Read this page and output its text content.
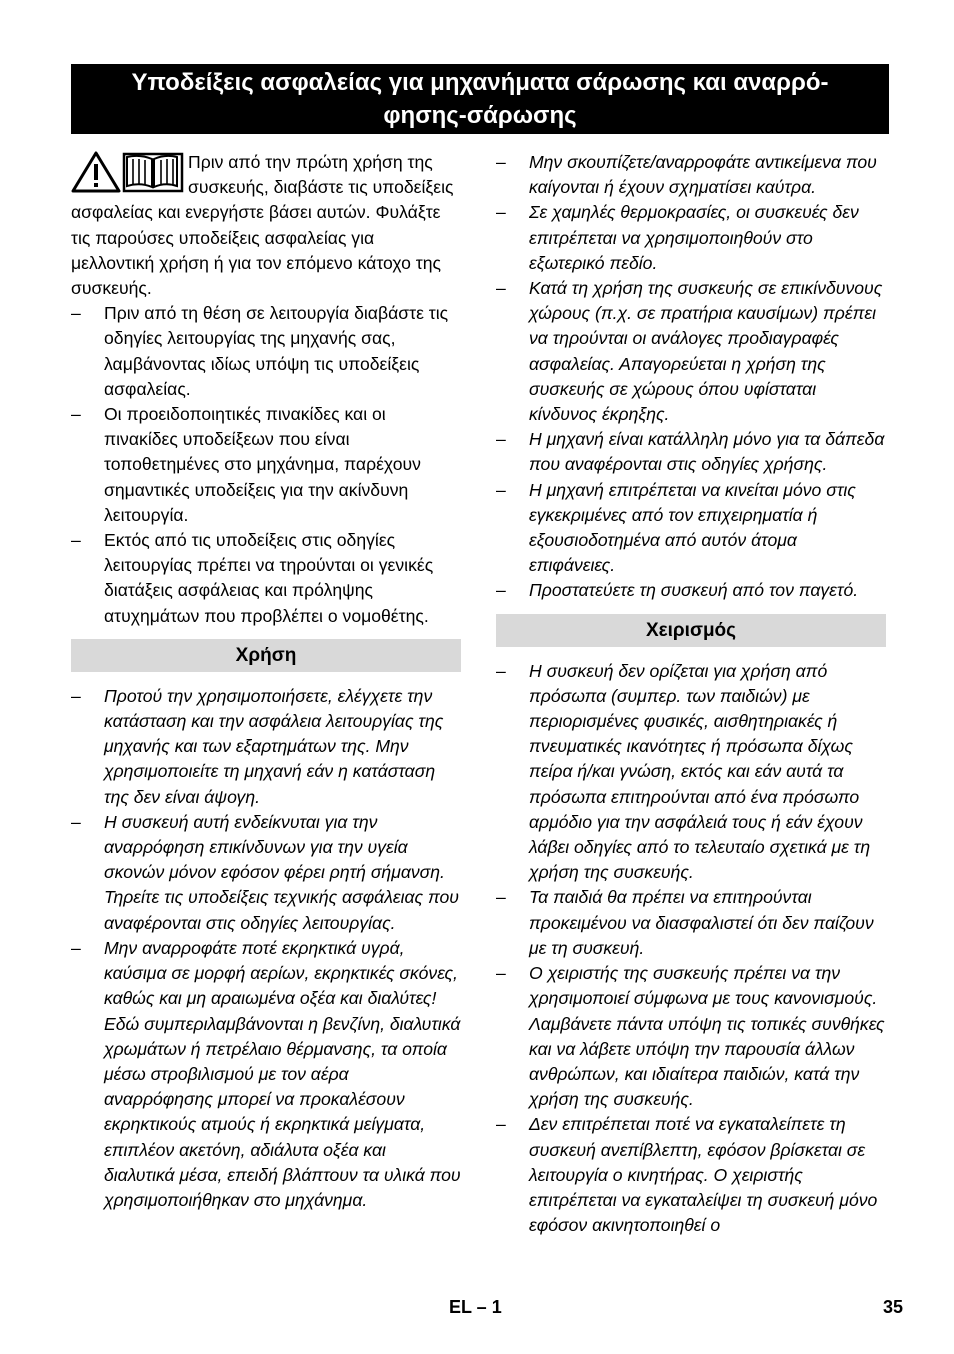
Υποδείξεις ασφαλείας για μηχανήματα σάρωσης και αναρρό-
φησης-σάρωσης
Πριν από την πρώτη χρήση της συσκευής, διαβάστε τις υποδείξεις ασφαλείας και ενεργήστε βάσει αυτών. Φυλάξτε τις παρούσες υποδείξεις ασφαλείας για μελλοντική χρήση ή για τον επόμενο κάτοχο της συσκευής.
–	Πριν από τη θέση σε λειτουργία διαβάστε τις οδηγίες λειτουργίας της μηχανής σας, λαμβάνοντας ιδίως υπόψη τις υποδείξεις ασφαλείας.
–	Οι προειδοποιητικές πινακίδες και οι πινακίδες υποδείξεων που είναι τοποθετημένες στο μηχάνημα, παρέχουν σημαντικές υποδείξεις για την ακίνδυνη λειτουργία.
–	Εκτός από τις υποδείξεις στις οδηγίες λειτουργίας πρέπει να τηρούνται οι γενικές διατάξεις ασφάλειας και πρόληψης ατυχημάτων που προβλέπει ο νομοθέτης.
Χρήση
–	Προτού την χρησιμοποιήσετε, ελέγχετε την κατάσταση και την ασφάλεια λειτουργίας της μηχανής και των εξαρτημάτων της. Μην χρησιμοποιείτε τη μηχανή εάν η κατάσταση της δεν είναι άψογη.
–	Η συσκευή αυτή ενδείκνυται για την αναρρόφηση επικίνδυνων για την υγεία σκονών μόνον εφόσον φέρει ρητή σήμανση. Τηρείτε τις υποδείξεις τεχνικής ασφάλειας που αναφέρονται στις οδηγίες λειτουργίας.
–	Μην αναρροφάτε ποτέ εκρηκτικά υγρά, καύσιμα σε μορφή αερίων, εκρηκτικές σκόνες, καθώς και μη αραιωμένα οξέα και διαλύτες! Εδώ συμπεριλαμβάνονται η βενζίνη, διαλυτικά χρωμάτων ή πετρέλαιο θέρμανσης, τα οποία μέσω στροβιλισμού με τον αέρα αναρρόφησης μπορεί να προκαλέσουν εκρηκτικούς ατμούς ή εκρηκτικά μείγματα, επιπλέον ακετόνη, αδιάλυτα οξέα και διαλυτικά μέσα, επειδή βλάπτουν τα υλικά που χρησιμοποιήθηκαν στο μηχάνημα.
–	Μην σκουπίζετε/αναρροφάτε αντικείμενα που καίγονται ή έχουν σχηματίσει καύτρα.
–	Σε χαμηλές θερμοκρασίες, οι συσκευές δεν επιτρέπεται να χρησιμοποιηθούν στο εξωτερικό πεδίο.
–	Κατά τη χρήση της συσκευής σε επικίνδυνους χώρους (π.χ. σε πρατήρια καυσίμων) πρέπει να τηρούνται οι ανάλογες προδιαγραφές ασφαλείας. Απαγορεύεται η χρήση της συσκευής σε χώρους όπου υφίσταται κίνδυνος έκρηξης.
–	Η μηχανή είναι κατάλληλη μόνο για τα δάπεδα που αναφέρονται στις οδηγίες χρήσης.
–	Η μηχανή επιτρέπεται να κινείται μόνο στις εγκεκριμένες από τον επιχειρηματία ή εξουσιοδοτημένα από αυτόν άτομα επιφάνειες.
–	Προστατεύετε τη συσκευή από τον παγετό.
Χειρισμός
–	Η συσκευή δεν ορίζεται για χρήση από πρόσωπα (συμπερ. των παιδιών) με περιορισμένες φυσικές, αισθητηριακές ή πνευματικές ικανότητες ή πρόσωπα δίχως πείρα ή/και γνώση, εκτός και εάν αυτά τα πρόσωπα επιτηρούνται από ένα πρόσωπο αρμόδιο για την ασφάλειά τους ή εάν έχουν λάβει οδηγίες από το τελευταίο σχετικά με τη χρήση της συσκευής.
–	Τα παιδιά θα πρέπει να επιτηρούνται προκειμένου να διασφαλιστεί ότι δεν παίζουν με τη συσκευή.
–	Ο χειριστής της συσκευής πρέπει να την χρησιμοποιεί σύμφωνα με τους κανονισμούς. Λαμβάνετε πάντα υπόψη τις τοπικές συνθήκες και να λάβετε υπόψη την παρουσία άλλων ανθρώπων, και ιδιαίτερα παιδιών, κατά την χρήση της συσκευής.
–	Δεν επιτρέπεται ποτέ να εγκαταλείπετε τη συσκευή ανεπίβλεπτη, εφόσον βρίσκεται σε λειτουργία ο κινητήρας. Ο χειριστής επιτρέπεται να εγκαταλείψει τη συσκευή μόνο εφόσον ακινητοποιηθεί ο
EL – 1	35
